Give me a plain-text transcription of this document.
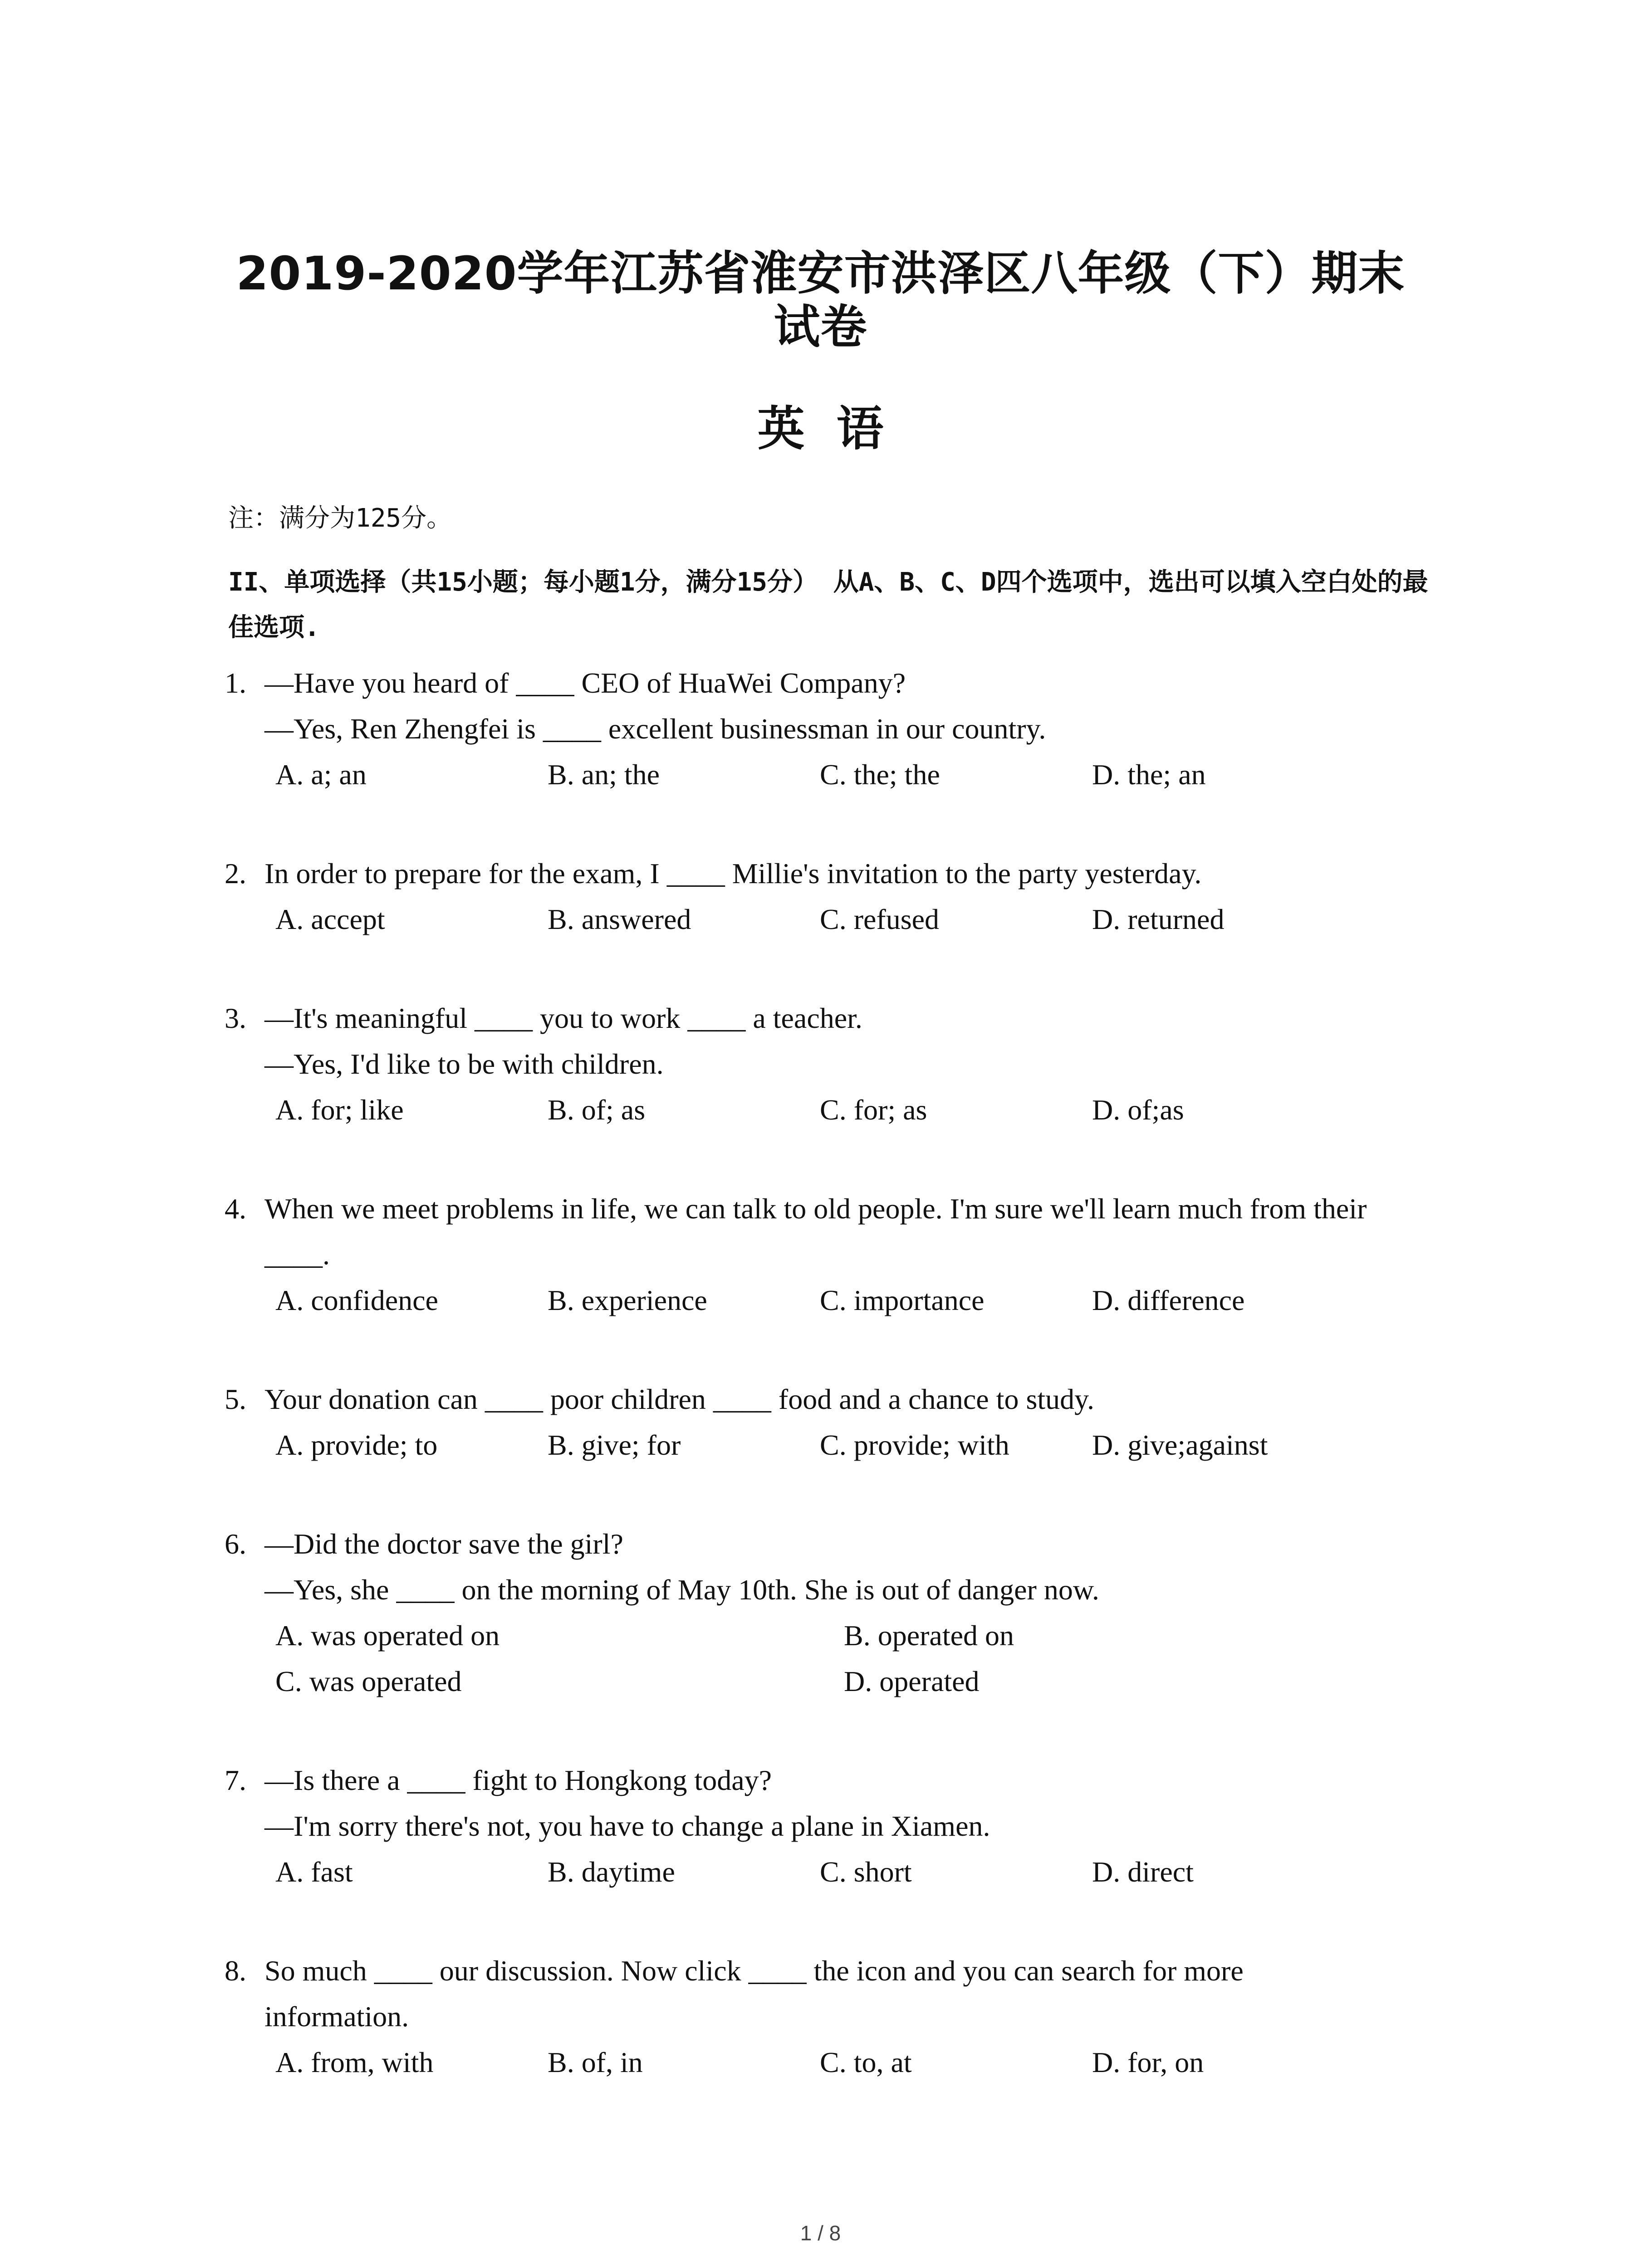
2019-2020学年江苏省淮安市洪泽区八年级（下）期末
试卷
英语
注：满分为125分。
II、单项选择（共15小题；每小题1分，满分15分） 从A、B、C、D四个选项中，选出可以填入空白处的最佳选项.
1. —Have you heard of ____ CEO of HuaWei Company?
—Yes, Ren Zhengfei is ____ excellent businessman in our country.
A. a; an	B. an; the	C. the; the	D. the; an
2. In order to prepare for the exam, I ____ Millie's invitation to the party yesterday.
A. accept	B. answered	C. refused	D. returned
3. —It's meaningful ____ you to work ____ a teacher.
—Yes, I'd like to be with children.
A. for; like	B. of; as	C. for; as	D. of;as
4. When we meet problems in life, we can talk to old people. I'm sure we'll learn much from their
____.
A. confidence	B. experience	C. importance	D. difference
5. Your donation can ____ poor children ____ food and a chance to study.
A. provide; to	B. give; for	C. provide; with	D. give;against
6. —Did the doctor save the girl?
—Yes, she ____ on the morning of May 10th. She is out of danger now.
A. was operated on	B. operated on
C. was operated	D. operated
7. —Is there a ____ fight to Hongkong today?
—I'm sorry there's not, you have to change a plane in Xiamen.
A. fast	B. daytime	C. short	D. direct
8. So much ____ our discussion. Now click ____ the icon and you can search for more
information.
A. from, with	B. of, in	C. to, at	D. for, on
1 / 8
